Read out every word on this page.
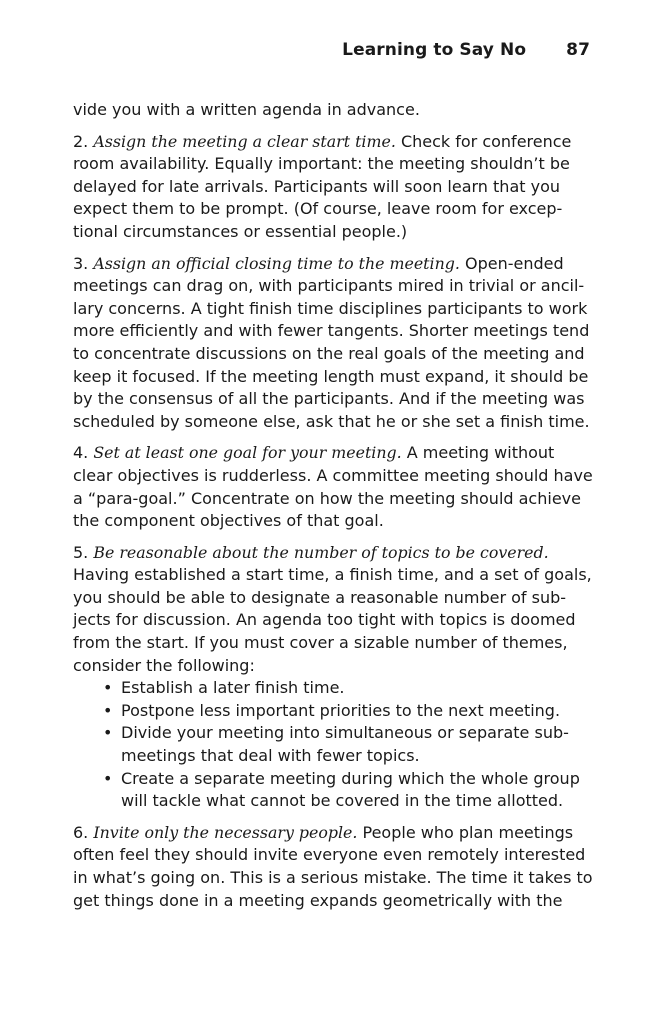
Learning to Say No 87

vide you with a written agenda in advance.

2. Assign the meeting a clear start time. Check for conference room availability. Equally important: the meeting shouldn’t be delayed for late arrivals. Participants will soon learn that you expect them to be prompt. (Of course, leave room for excep-tional circumstances or essential people.)

3. Assign an official closing time to the meeting. Open-ended meetings can drag on, with participants mired in trivial or ancil-lary concerns. A tight finish time disciplines participants to work more efficiently and with fewer tangents. Shorter meetings tend to concentrate discussions on the real goals of the meeting and keep it focused. If the meeting length must expand, it should be by the consensus of all the participants. And if the meeting was scheduled by someone else, ask that he or she set a finish time.

4. Set at least one goal for your meeting. A meeting without clear objectives is rudderless. A committee meeting should have a “para-goal.” Concentrate on how the meeting should achieve the component objectives of that goal.

5. Be reasonable about the number of topics to be covered. Having established a start time, a finish time, and a set of goals, you should be able to designate a reasonable number of sub-jects for discussion. An agenda too tight with topics is doomed from the start. If you must cover a sizable number of themes, consider the following:

• Establish a later finish time.
• Postpone less important priorities to the next meeting.
• Divide your meeting into simultaneous or separate sub-meetings that deal with fewer topics.
• Create a separate meeting during which the whole group will tackle what cannot be covered in the time allotted.

6. Invite only the necessary people. People who plan meetings often feel they should invite everyone even remotely interested in what’s going on. This is a serious mistake. The time it takes to get things done in a meeting expands geometrically with the
